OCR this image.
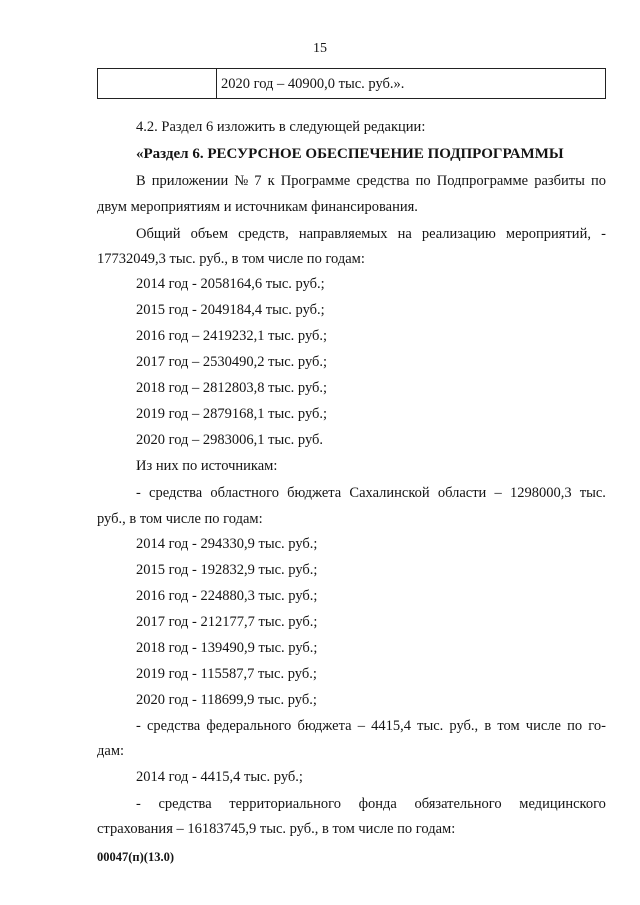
15
2020 год – 40900,0 тыс. руб.».
4.2. Раздел 6 изложить в следующей редакции:
«Раздел 6. РЕСУРСНОЕ ОБЕСПЕЧЕНИЕ ПОДПРОГРАММЫ
В приложении № 7 к Программе средства по Подпрограмме разбиты по
двум мероприятиям и источникам финансирования.
Общий объем средств, направляемых на реализацию мероприятий, -
17732049,3 тыс. руб., в том числе по годам:
2014 год - 2058164,6 тыс. руб.;
2015 год - 2049184,4 тыс. руб.;
2016 год – 2419232,1 тыс. руб.;
2017 год – 2530490,2 тыс. руб.;
2018 год – 2812803,8 тыс. руб.;
2019 год – 2879168,1 тыс. руб.;
2020 год – 2983006,1 тыс. руб.
Из них по источникам:
- средства областного бюджета Сахалинской области – 1298000,3 тыс.
руб., в том числе по годам:
2014 год - 294330,9 тыс. руб.;
2015 год - 192832,9 тыс. руб.;
2016 год - 224880,3 тыс. руб.;
2017 год - 212177,7 тыс. руб.;
2018 год - 139490,9 тыс. руб.;
2019 год - 115587,7 тыс. руб.;
2020 год - 118699,9 тыс. руб.;
- средства федерального бюджета – 4415,4 тыс. руб., в том числе по го-
дам:
2014 год - 4415,4 тыс. руб.;
- средства территориального фонда обязательного медицинского
страхования – 16183745,9 тыс. руб., в том числе по годам:
00047(п)(13.0)
